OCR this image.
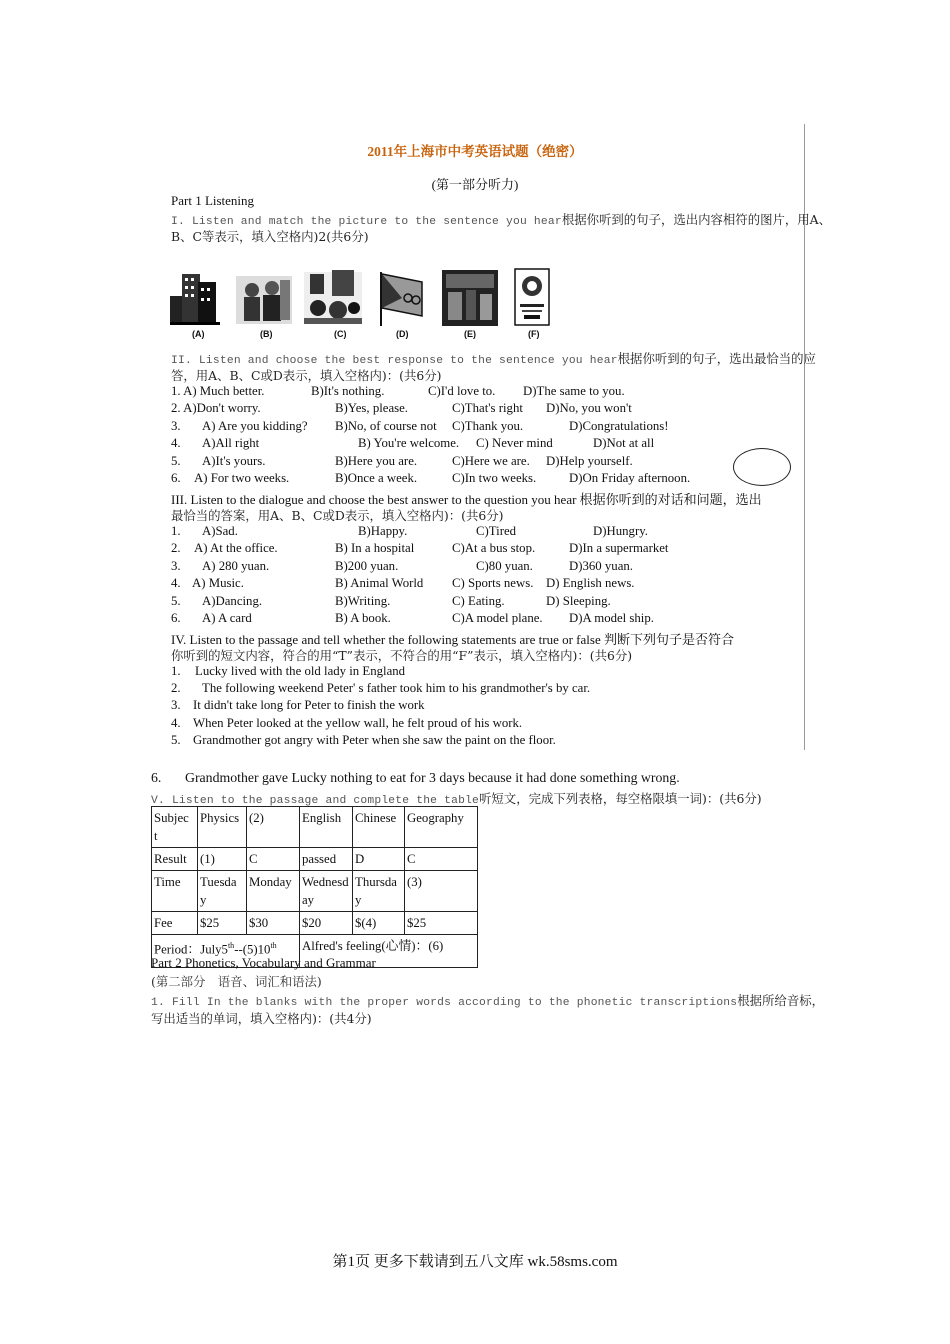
2011年上海市中考英语试题（绝密）
(第一部分听力)
Part 1 Listening
I. Listen and match the picture to the sentence you hear根据你听到的句子，选出内容相符的图片，用A、
B、C等表示，填入空格内)2(共6分)
(A)	(B)	(C)	(D)	(E)	(F)
II. Listen and choose the best response to the sentence you hear根据你听到的句子，选出最恰当的应
答，用A、B、C或D表示，填入空格内)：(共6分)
1. A) Much better.	B)It's nothing.	C)I'd love to. D)The same to you.
2. A)Don't worry.	B)Yes, please.	C)That's right D)No, you won't
3. A) Are you kidding? B)No, of course not C)Thank you.	D)Congratulations!
4. A)All right	B) You're welcome. C) Never mind	D)Not at all
5. A)It's yours.	B)Here you are.	C)Here we are. D)Help yourself.
6. A) For two weeks.	B)Once a week.	C)In two weeks.	D)On Friday afternoon.
III. Listen to the dialogue and choose the best answer to the question you hear 根据你听到的对话和问题，选出
最恰当的答案，用A、B、C或D表示，填入空格内)：(共6分)
1. A)Sad.	B)Happy.	C)Tired	D)Hungry.
2. A) At the office.	B) In a hospital	C)At a bus stop.	D)In a supermarket
3. A) 280 yuan.	B)200 yuan.	C)80 yuan.	D)360 yuan.
4. A) Music.	B) Animal World C) Sports news. D) English news.
5. A)Dancing.	B)Writing.	C) Eating.	D) Sleeping.
6. A) A card	B) A book.	C)A model plane. D)A model ship.
IV. Listen to the passage and tell whether the following statements are true or false 判断下列句子是否符合
你听到的短文内容，符合的用“T”表示，不符合的用“F”表示，填入空格内)：(共6分)
1. Lucky lived with the old lady in England
2. The following weekend Peter' s father took him to his grandmother's by car.
3. It didn't take long for Peter to finish the work
4. When Peter looked at the yellow wall, he felt proud of his work.
5. Grandmother got angry with Peter when she saw the paint on the floor.
6. Grandmother gave Lucky nothing to eat for 3 days because it had done something wrong.
V. Listen to the passage and complete the table听短文，完成下列表格，每空格限填一词)：(共6分)
Subjec t	Physics	(2)	English	Chinese	Geography
Result	(1)	C	passed	D	C
Time	Tuesda y	Monday	Wednesd ay	Thursda y	(3)
Fee	$25	$30	$20	$(4)	$25
Period：July5th--(5)10th			Alfred's feeling(心情)：(6)		
Part 2 Phonetics, Vocabulary and Grammar
(第二部分　语音、词汇和语法)
1. Fill In the blanks with the proper words according to the phonetic transcriptions根据所给音标，
写出适当的单词，填入空格内)：(共4分)
第1页 更多下载请到五八文库 wk.58sms.com
